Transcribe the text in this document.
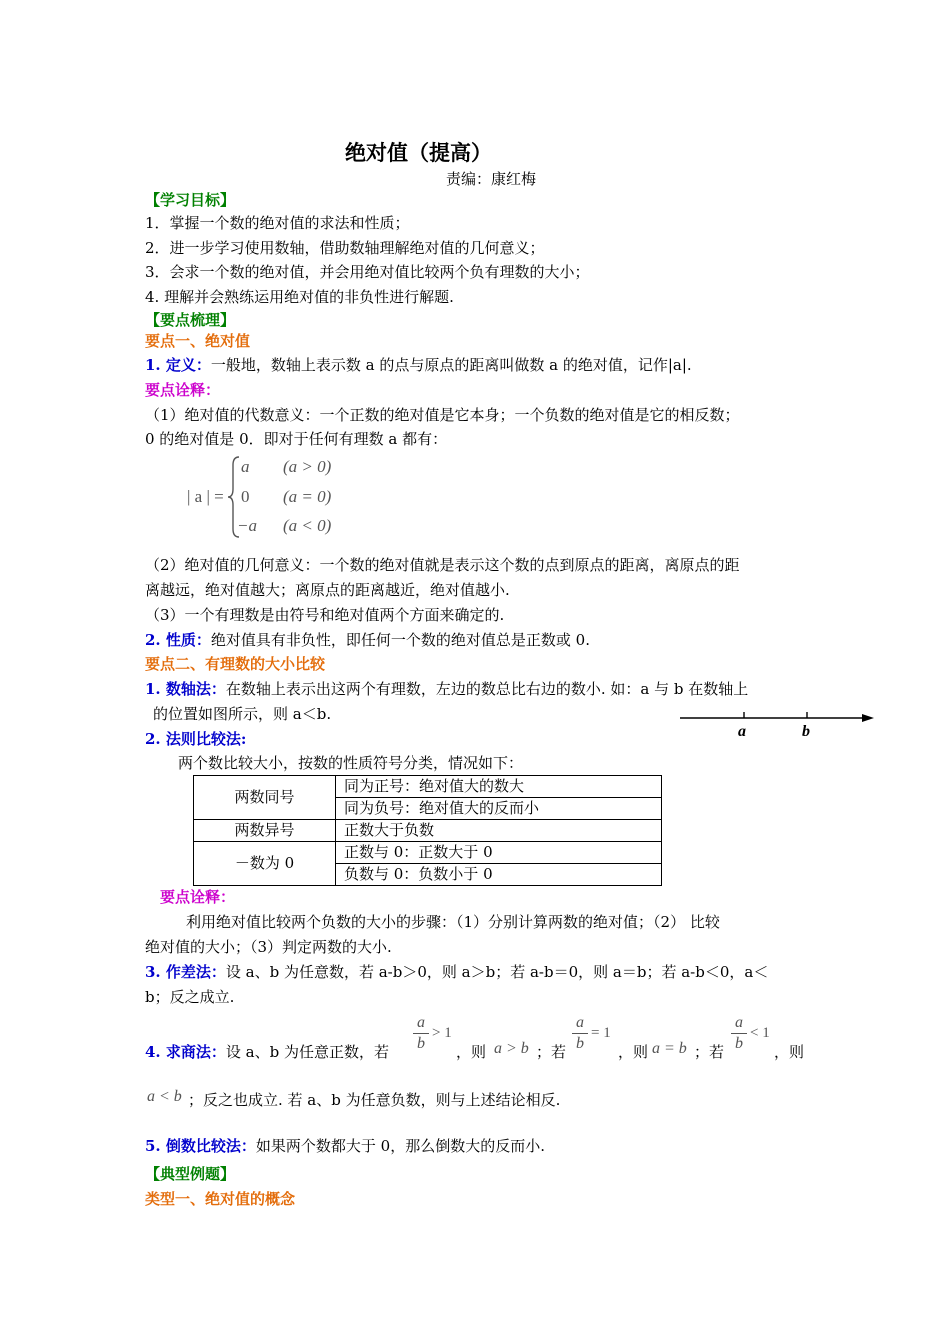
绝对值（提高）
责编：康红梅
【学习目标】
1．掌握一个数的绝对值的求法和性质；
2．进一步学习使用数轴，借助数轴理解绝对值的几何意义；
3．会求一个数的绝对值，并会用绝对值比较两个负有理数的大小；
4. 理解并会熟练运用绝对值的非负性进行解题.
【要点梳理】
要点一、绝对值
1. 定义：一般地，数轴上表示数 a 的点与原点的距离叫做数 a 的绝对值，记作|a|.
要点诠释：
（1）绝对值的代数意义：一个正数的绝对值是它本身；一个负数的绝对值是它的相反数；
0 的绝对值是 0．即对于任何有理数 a 都有：
| a | =
a (a > 0)
0 (a = 0)
−a (a < 0)
（2）绝对值的几何意义：一个数的绝对值就是表示这个数的点到原点的距离，离原点的距
离越远，绝对值越大；离原点的距离越近，绝对值越小.
（3）一个有理数是由符号和绝对值两个方面来确定的.
2. 性质：绝对值具有非负性，即任何一个数的绝对值总是正数或 0.
要点二、有理数的大小比较
1. 数轴法：在数轴上表示出这两个有理数，左边的数总比右边的数小. 如：a 与 b 在数轴上
的位置如图所示，则 a＜b.
a	b
2. 法则比较法:
两个数比较大小，按数的性质符号分类，情况如下：
两数同号	同为正号：绝对值大的数大
	同为负号：绝对值大的反而小
两数异号	正数大于负数
－数为 0	正数与 0：正数大于 0
	负数与 0：负数小于 0
要点诠释：
利用绝对值比较两个负数的大小的步骤：（1）分别计算两数的绝对值；（2） 比较
绝对值的大小；（3）判定两数的大小.
3. 作差法：设 a、b 为任意数，若 a-b＞0，则 a＞b；若 a-b＝0，则 a＝b；若 a-b＜0，a＜
b；反之成立.
4. 求商法：设 a、b 为任意正数，若
a
b
> 1
，则 a > b ；若
a
b
= 1
，则 a = b ；若
a
b
< 1
，则
a < b ；反之也成立. 若 a、b 为任意负数，则与上述结论相反.
5. 倒数比较法：如果两个数都大于 0，那么倒数大的反而小.
【典型例题】
类型一、绝对值的概念
